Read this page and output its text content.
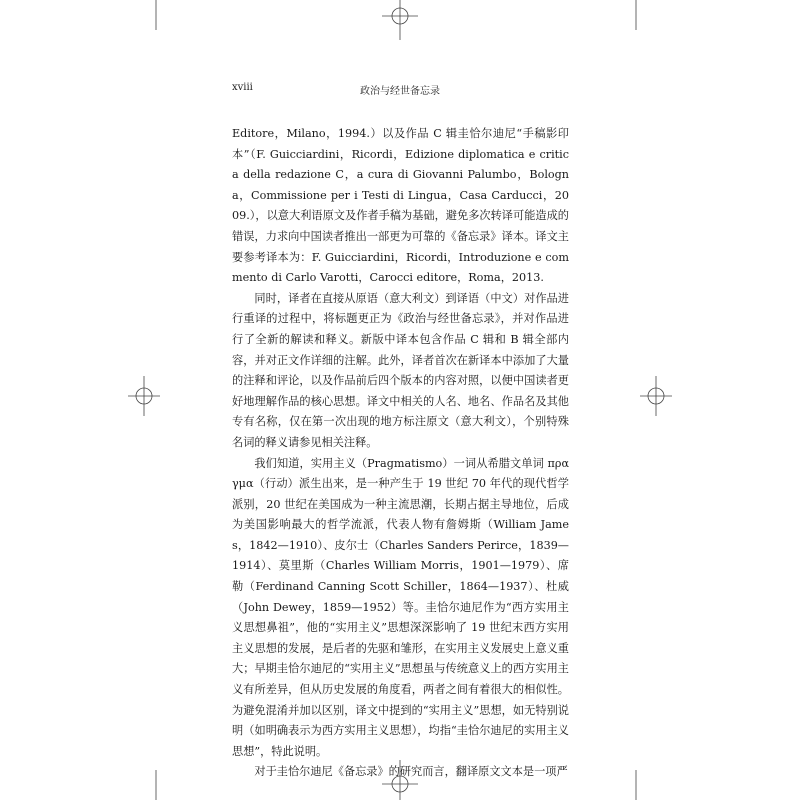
xviii	政治与经世备忘录

Editore，Milano，1994.）以及作品 C 辑圭恰尔迪尼“手稿影印本”（F. Guicciardini，Ricordi，Edizione diplomatica e critica della redazione C，a cura di Giovanni Palumbo，Bologna，Commissione per i Testi di Lingua，Casa Carducci，2009.），以意大利语原文及作者手稿为基础，避免多次转译可能造成的错误，力求向中国读者推出一部更为可靠的《备忘录》译本。译文主要参考译本为：F. Guicciardini，Ricordi，Introduzione e commento di Carlo Varotti，Carocci editore，Roma，2013.

同时，译者在直接从原语（意大利文）到译语（中文）对作品进行重译的过程中，将标题更正为《政治与经世备忘录》，并对作品进行了全新的解读和释义。新版中译本包含作品 C 辑和 B 辑全部内容，并对正文作详细的注解。此外，译者首次在新译本中添加了大量的注释和评论，以及作品前后四个版本的内容对照，以便中国读者更好地理解作品的核心思想。译文中相关的人名、地名、作品名及其他专有名称，仅在第一次出现的地方标注原文（意大利文），个别特殊名词的释义请参见相关注释。

我们知道，实用主义（Pragmatismo）一词从希腊文单词 πραγμα（行动）派生出来，是一种产生于 19 世纪 70 年代的现代哲学派别，20 世纪在美国成为一种主流思潮，长期占据主导地位，后成为美国影响最大的哲学流派，代表人物有詹姆斯（William James，1842—1910）、皮尔士（Charles Sanders Perirce，1839—1914）、莫里斯（Charles William Morris，1901—1979）、席勒（Ferdinand Canning Scott Schiller，1864—1937）、杜威（John Dewey，1859—1952）等。圭恰尔迪尼作为“西方实用主义思想鼻祖”，他的“实用主义”思想深深影响了 19 世纪末西方实用主义思想的发展，是后者的先驱和雏形，在实用主义发展史上意义重大；早期圭恰尔迪尼的“实用主义”思想虽与传统意义上的西方实用主义有所差异，但从历史发展的角度看，两者之间有着很大的相似性。为避免混淆并加以区别，译文中提到的“实用主义”思想，如无特别说明（如明确表示为西方实用主义思想），均指“圭恰尔迪尼的实用主义思想”，特此说明。

对于圭恰尔迪尼《备忘录》的研究而言，翻译原文文本是一项严
